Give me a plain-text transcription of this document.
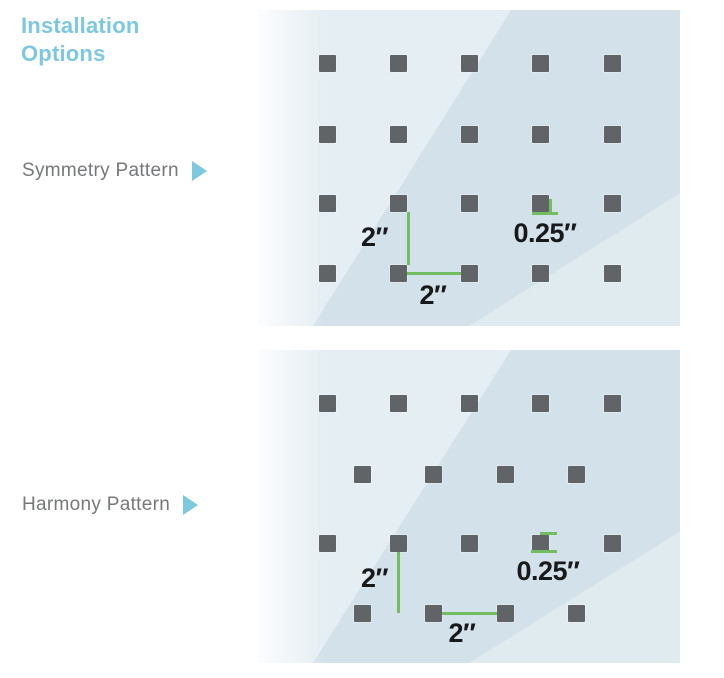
Installation
Options
Symmetry Pattern
Harmony Pattern
2″
2″
0.25″
2″
2″
0.25″
